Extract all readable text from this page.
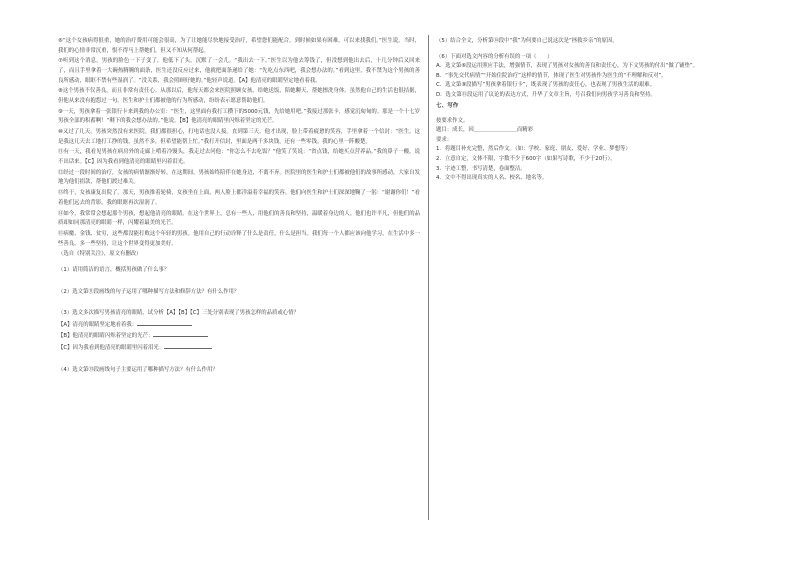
⑥“这个女孩病得很重，她的治疗费用可能会很高，为了让她能尽快地接受治疗，希望您们能配合，到时候如果有困难，可以来找我们。”医生说。当时，我们的心情非常沉重，恨不得马上帮她们，但又不知从何帮起。

⑦听到这个消息，男孩的脸色一下子变了，他低下了头，沉默了一会儿。“我出去一下。”医生以为他去筹钱了，但没想到他出去后，十几分钟后又回来了，而且手里拿着一大碗热腾腾的面条，医生还没反应过来，他就把面条递给了她：“先吃点东西吧，我会想办法的。”看到这里，我不禁为这个男孩的善良所感动，眼眶不禁有些湿润了。“没关系，我会照顾好她的。”他轻声说道。【A】他清亮的眼睛坚定地看着我。

⑧这个男孩不仅善良，而且非常有责任心。从那以后，他每天都会来医院照顾女孩，给她送饭、陪她聊天、帮她擦洗身体。虽然他自己的生活也很拮据，但他从来没有抱怨过一句。医生和护士们都被他的行为所感动，纷纷表示愿意帮助他们。

⑨一天，男孩拿着一张银行卡来到我的办公室：“医生，这里面有我打工攒下的5000元钱，先给她用吧。”我接过那张卡，感觉沉甸甸的。那是一个十七岁男孩全部的积蓄啊！“剩下的我会想办法的。”他说。【B】他清亮的眼睛里闪烁着坚定的光芒。

⑩又过了几天，男孩突然没有来医院。我们都很担心，打电话也没人接。直到第三天，他才出现，脸上带着疲惫的笑容，手里拿着一个信封：“医生，这是我这几天去工地打工挣的钱，虽然不多，但希望能帮上忙。”我打开信封，里面是两千多块钱，还有一些零钱。我的心里一阵酸楚。

⑪有一天，我看见男孩在病房外的走廊上啃着冷馒头，我走过去问他：“你怎么不去吃饭？”他笑了笑说：“省点钱，给她买点营养品。”我的鼻子一酸，说不出话来。【C】因为我看到他清亮的眼睛里闪着泪光。

⑫经过一段时间的治疗，女孩的病情渐渐好转。在这期间，男孩始终陪伴在她身边，不离不弃。医院里的医生和护士们都被他们的故事所感动，大家自发地为他们捐款，帮他们渡过难关。

⑬终于，女孩康复出院了。那天，男孩推着轮椅，女孩坐在上面，两人脸上都洋溢着幸福的笑容。他们向医生和护士们深深地鞠了一躬：“谢谢你们！”看着他们远去的背影，我的眼眶再次湿润了。

⑭如今，我常常会想起那个男孩，想起他清亮的眼睛。在这个世界上，总有一些人，用他们的善良和坚持，温暖着身边的人。他们也许平凡，但他们的品质却如同那清亮的眼睛一样，闪耀着最美的光芒。

⑮病魔、金钱、贫穷，这些都没能打败这个年轻的男孩。他用自己的行动诠释了什么是责任，什么是担当。我们每一个人都应该向他学习，在生活中多一些善良，多一些坚持，让这个世界变得更加美好。

（选自《特别关注》，原文有删改）

（1）请用简洁的语言，概括男孩做了什么事？

（2）选文第⑪段画线的句子运用了哪种描写方法和修辞方法？有什么作用？

（3）选文多次描写男孩清亮的眼睛，试分析【A】【B】【C】三处分别表现了男孩怎样的品质或心情？

【A】清亮的眼睛坚定地看着我：

【B】他清亮的眼睛闪烁着坚定的光芒：

【C】因为我看到他清亮的眼睛里闪着泪光：

（4）选文第⑬段画线句子主要运用了哪种描写方法？有什么作用？

（5）结合全文，分析第⑭段中“我”为何要自己说这次是“拯救乡亲”的原因。

（6）下面对选文内容的分析有误的一项（　　）

A．选文第⑥段运用照应手法，增强情节，表现了男孩对女孩的善良和责任心，为下文男孩的付出“做了铺垫”。

B．“事先交代病情”“开始住院治疗”这样的情节，体现了医生对男孩作为医生的“不理解和反对”。

C．选文第⑨段描写“男孩拿着银行卡”，既表现了男孩的责任心，也表现了男孩生活的艰难。

D．选文第⑮段运用了议论的表达方式，升华了文章主旨，号召我们向男孩学习善良和坚持。

七、写作

按要求作文。

题目：成长，因＿＿＿＿＿＿＿＿而精彩

要求：

1．将题目补充完整，然后作文。（如：学校、家庭、朋友、爱好、学业、梦想等）

2．立意自定，文体不限，字数不少于600字（如果写诗歌，不少于20行）。

3．字迹工整，书写清楚，卷面整洁。

4．文中不得出现真实的人名、校名、地名等。
